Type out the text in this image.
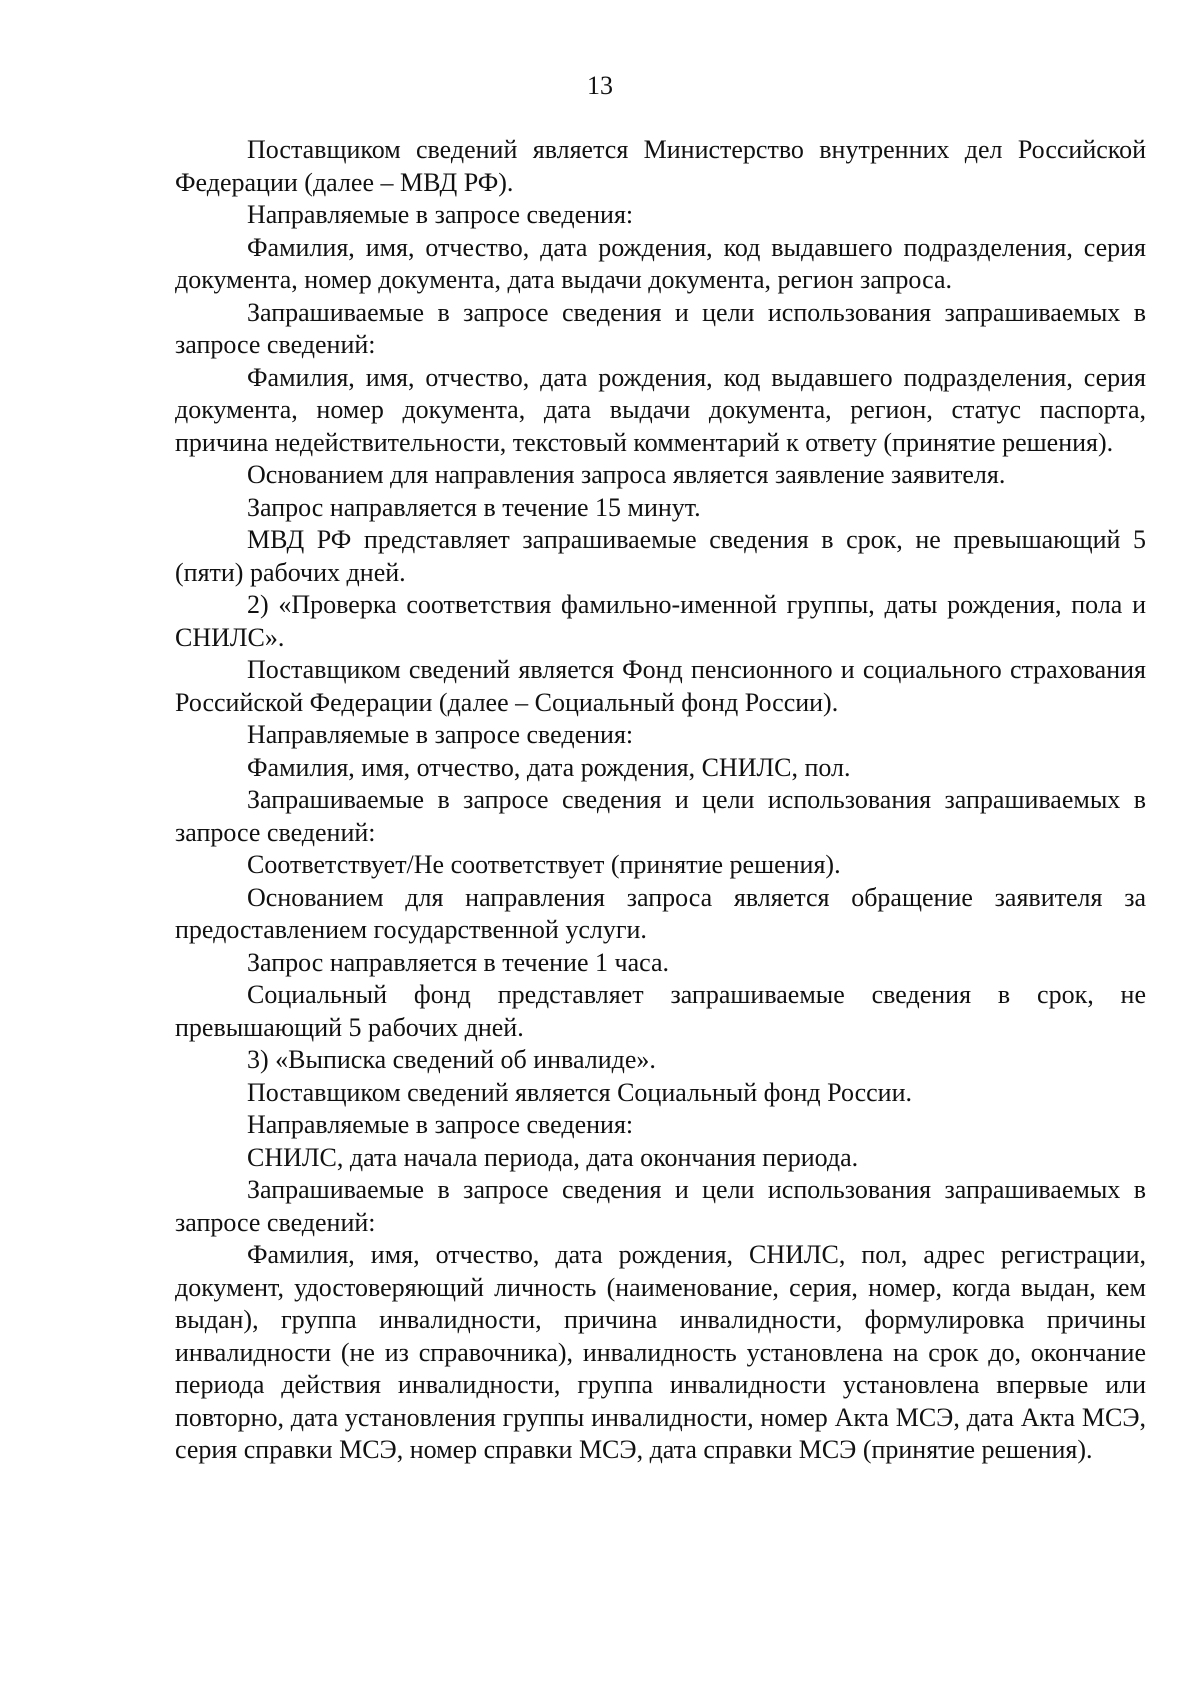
13

Поставщиком сведений является Министерство внутренних дел Российской Федерации (далее – МВД РФ).

Направляемые в запросе сведения:

Фамилия, имя, отчество, дата рождения, код выдавшего подразделения, серия документа, номер документа, дата выдачи документа, регион запроса.

Запрашиваемые в запросе сведения и цели использования запрашиваемых в запросе сведений:

Фамилия, имя, отчество, дата рождения, код выдавшего подразделения, серия документа, номер документа, дата выдачи документа, регион, статус паспорта, причина недействительности, текстовый комментарий к ответу (принятие решения).

Основанием для направления запроса является заявление заявителя.

Запрос направляется в течение 15 минут.

МВД РФ представляет запрашиваемые сведения в срок, не превышающий 5 (пяти) рабочих дней.

2) «Проверка соответствия фамильно-именной группы, даты рождения, пола и СНИЛС».

Поставщиком сведений является Фонд пенсионного и социального страхования Российской Федерации (далее – Социальный фонд России).

Направляемые в запросе сведения:

Фамилия, имя, отчество, дата рождения, СНИЛС, пол.

Запрашиваемые в запросе сведения и цели использования запрашиваемых в запросе сведений:

Соответствует/Не соответствует (принятие решения).

Основанием для направления запроса является обращение заявителя за предоставлением государственной услуги.

Запрос направляется в течение 1 часа.

Социальный фонд представляет запрашиваемые сведения в срок, не превышающий 5 рабочих дней.

3) «Выписка сведений об инвалиде».

Поставщиком сведений является Социальный фонд России.

Направляемые в запросе сведения:

СНИЛС, дата начала периода, дата окончания периода.

Запрашиваемые в запросе сведения и цели использования запрашиваемых в запросе сведений:

Фамилия, имя, отчество, дата рождения, СНИЛС, пол, адрес регистрации, документ, удостоверяющий личность (наименование, серия, номер, когда выдан, кем выдан), группа инвалидности, причина инвалидности, формулировка причины инвалидности (не из справочника), инвалидность установлена на срок до, окончание периода действия инвалидности, группа инвалидности установлена впервые или повторно, дата установления группы инвалидности, номер Акта МСЭ, дата Акта МСЭ, серия справки МСЭ, номер справки МСЭ, дата справки МСЭ (принятие решения).
